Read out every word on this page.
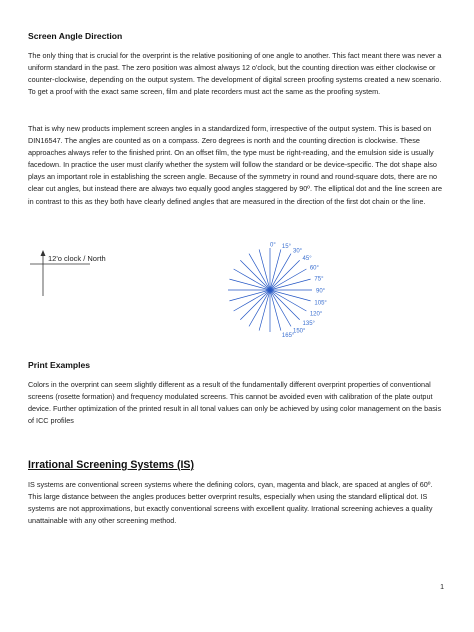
Screen Angle Direction

The only thing that is crucial for the overprint is the relative positioning of one angle to another. This fact meant there was never a uniform standard in the past. The zero position was almost always 12 o'clock, but the counting direction was either clockwise or counter-clockwise, depending on the output system. The development of digital screen proofing systems created a new scenario. To get a proof with the exact same screen, film and plate recorders must act the same as the proofing system.

That is why new products implement screen angles in a standardized form, irrespective of the output system. This is based on DIN16547. The angles are counted as on a compass. Zero degrees is north and the counting direction is clockwise. These approaches always refer to the finished print. On an offset film, the type must be right-reading, and the emulsion side is usually facedown. In practice the user must clarify whether the system will follow the standard or be device-specific. The dot shape also plays an important role in establishing the screen angle. Because of the symmetry in round and round-square dots, there are no clear cut angles, but instead there are always two equally good angles staggered by 90º. The elliptical dot and the line screen are in contrast to this as they both have clearly defined angles that are measured in the direction of the first dot chain or the line.

12'o clock / North
0° 15°
30°
45°
60°
75°
90°
105°
120°
135°
150°
165°
Print Examples

Colors in the overprint can seem slightly different as a result of the fundamentally different overprint properties of conventional screens (rosette formation) and frequency modulated screens. This cannot be avoided even with calibration of the plate output device. Further optimization of the printed result in all tonal values can only be achieved by using color management on the basis of ICC profiles

Irrational Screening Systems (IS)

IS systems are conventional screen systems where the defining colors, cyan, magenta and black, are spaced at angles of 60º. This large distance between the angles produces better overprint results, especially when using the standard elliptical dot. IS systems are not approximations, but exactly conventional screens with excellent quality. Irrational screening achieves a quality unattainable with any other screening method.

1
